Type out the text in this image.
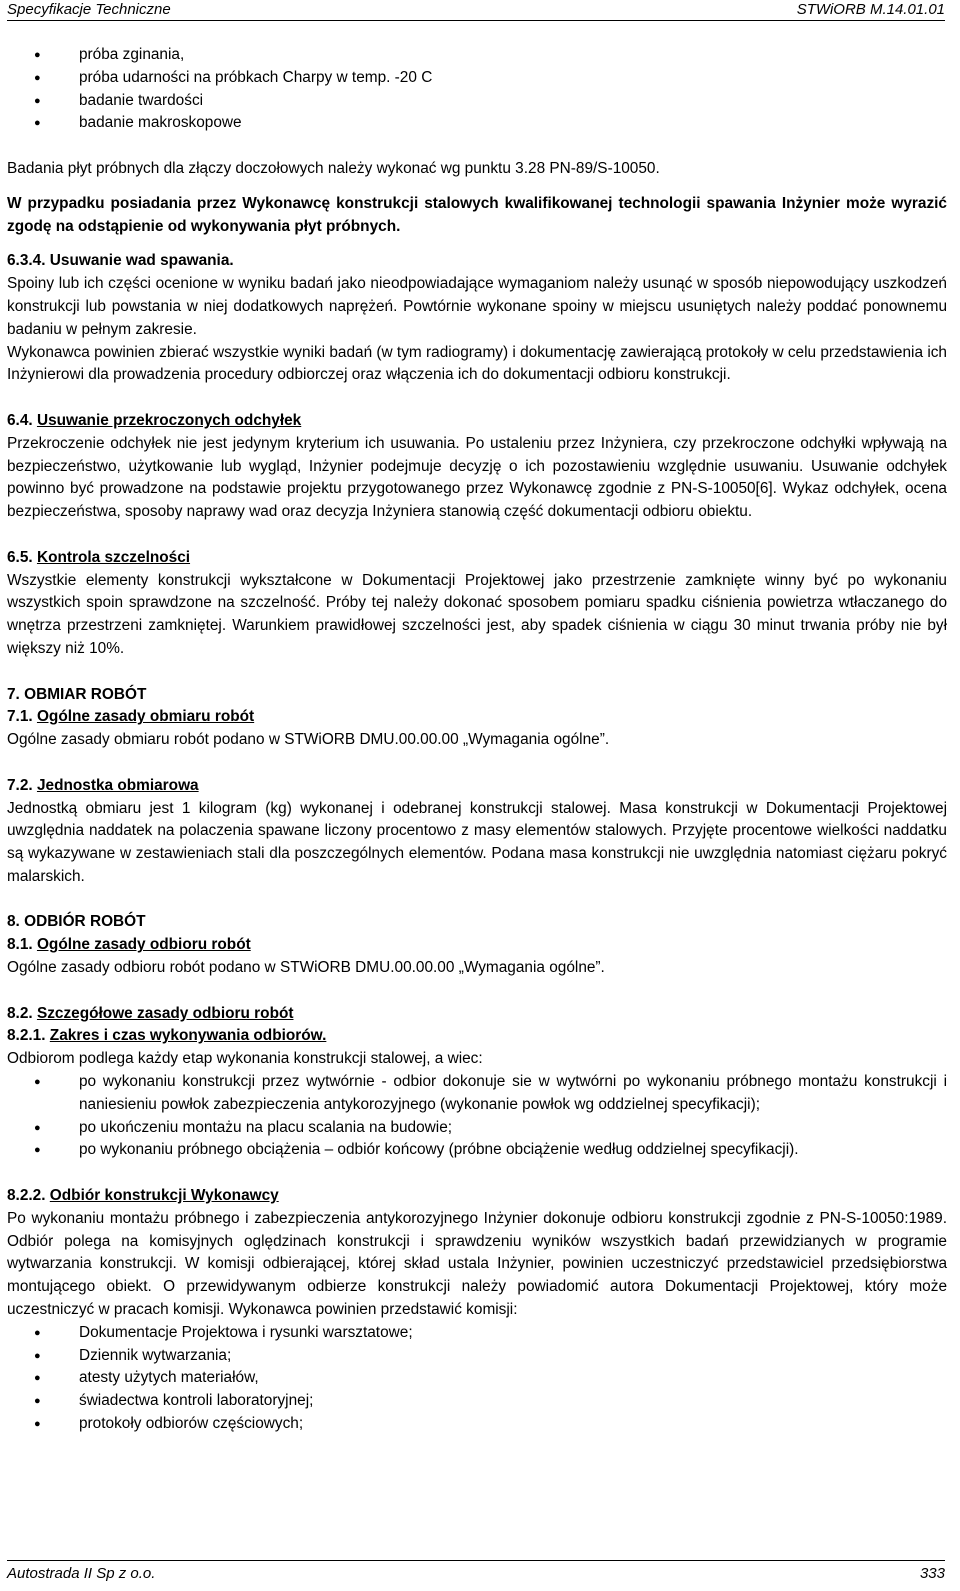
Specyfikacje Techniczne	STWiORB M.14.01.01
● próba zginania,
● próba udarności na próbkach Charpy w temp. -20 C
● badanie twardości
● badanie makroskopowe

Badania płyt próbnych dla złączy doczołowych należy wykonać wg punktu 3.28 PN-89/S-10050.

W przypadku posiadania przez Wykonawcę konstrukcji stalowych kwalifikowanej technologii spawania Inżynier może wyrazić zgodę na odstąpienie od wykonywania płyt próbnych.

6.3.4. Usuwanie wad spawania.

Spoiny lub ich części ocenione w wyniku badań jako nieodpowiadające wymaganiom należy usunąć w sposób niepowodujący uszkodzeń konstrukcji lub powstania w niej dodatkowych naprężeń. Powtórnie wykonane spoiny w miejscu usuniętych należy poddać ponownemu badaniu w pełnym zakresie.

Wykonawca powinien zbierać wszystkie wyniki badań (w tym radiogramy) i dokumentację zawierającą protokoły w celu przedstawienia ich Inżynierowi dla prowadzenia procedury odbiorczej oraz włączenia ich do dokumentacji odbioru konstrukcji.

6.4. Usuwanie przekroczonych odchyłek

Przekroczenie odchyłek nie jest jedynym kryterium ich usuwania. Po ustaleniu przez Inżyniera, czy przekroczone odchyłki wpływają na bezpieczeństwo, użytkowanie lub wygląd, Inżynier podejmuje decyzję o ich pozostawieniu względnie usuwaniu. Usuwanie odchyłek powinno być prowadzone na podstawie projektu przygotowanego przez Wykonawcę zgodnie z PN-S-10050[6]. Wykaz odchyłek, ocena bezpieczeństwa, sposoby naprawy wad oraz decyzja Inżyniera stanowią część dokumentacji odbioru obiektu.

6.5. Kontrola szczelności

Wszystkie elementy konstrukcji wykształcone w Dokumentacji Projektowej jako przestrzenie zamknięte winny być po wykonaniu wszystkich spoin sprawdzone na szczelność. Próby tej należy dokonać sposobem pomiaru spadku ciśnienia powietrza wtłaczanego do wnętrza przestrzeni zamkniętej. Warunkiem prawidłowej szczelności jest, aby spadek ciśnienia w ciągu 30 minut trwania próby nie był większy niż 10%.

7. OBMIAR ROBÓT

7.1. Ogólne zasady obmiaru robót

Ogólne zasady obmiaru robót podano w STWiORB DMU.00.00.00 „Wymagania ogólne”.

7.2. Jednostka obmiarowa

Jednostką obmiaru jest 1 kilogram (kg) wykonanej i odebranej konstrukcji stalowej. Masa konstrukcji w Dokumentacji Projektowej uwzględnia naddatek na polaczenia spawane liczony procentowo z masy elementów stalowych. Przyjęte procentowe wielkości naddatku są wykazywane w zestawieniach stali dla poszczególnych elementów. Podana masa konstrukcji nie uwzględnia natomiast ciężaru pokryć malarskich.

8. ODBIÓR ROBÓT

8.1. Ogólne zasady odbioru robót

Ogólne zasady odbioru robót podano w STWiORB DMU.00.00.00 „Wymagania ogólne”.

8.2. Szczegółowe zasady odbioru robót

8.2.1. Zakres i czas wykonywania odbiorów.

Odbiorom podlega każdy etap wykonania konstrukcji stalowej, a wiec:

● po wykonaniu konstrukcji przez wytwórnie - odbior dokonuje sie w wytwórni po wykonaniu próbnego montażu konstrukcji i naniesieniu powłok zabezpieczenia antykorozyjnego (wykonanie powłok wg oddzielnej specyfikacji);
● po ukończeniu montażu na placu scalania na budowie;
● po wykonaniu próbnego obciążenia – odbiór końcowy (próbne obciążenie według oddzielnej specyfikacji).

8.2.2. Odbiór konstrukcji Wykonawcy

Po wykonaniu montażu próbnego i zabezpieczenia antykorozyjnego Inżynier dokonuje odbioru konstrukcji zgodnie z PN-S-10050:1989. Odbiór polega na komisyjnych oględzinach konstrukcji i sprawdzeniu wyników wszystkich badań przewidzianych w programie wytwarzania konstrukcji. W komisji odbierającej, której skład ustala Inżynier, powinien uczestniczyć przedstawiciel przedsiębiorstwa montującego obiekt. O przewidywanym odbierze konstrukcji należy powiadomić autora Dokumentacji Projektowej, który może uczestniczyć w pracach komisji. Wykonawca powinien przedstawić komisji:

● Dokumentacje Projektowa i rysunki warsztatowe;
● Dziennik wytwarzania;
● atesty użytych materiałów,
● świadectwa kontroli laboratoryjnej;
● protokoły odbiorów częściowych;
Autostrada II Sp z o.o.	333
